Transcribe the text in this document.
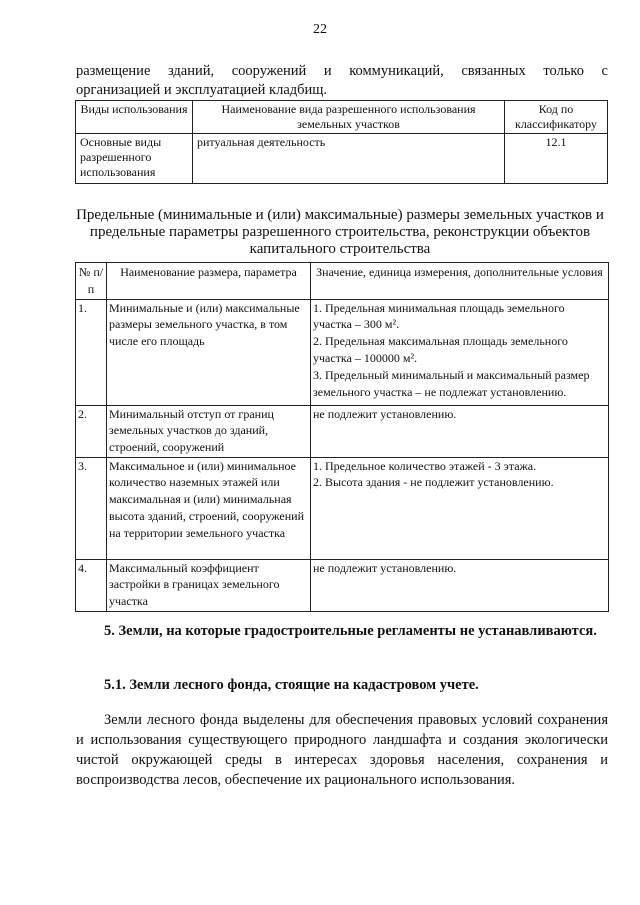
22

размещение зданий, сооружений и коммуникаций, связанных только с
организацией и эксплуатацией кладбищ.

Виды использования	Наименование вида разрешенного использования земельных участков	Код по классификатору
Основные виды разрешенного использования	ритуальная деятельность	12.1

Предельные (минимальные и (или) максимальные) размеры земельных участков и предельные параметры разрешенного строительства, реконструкции объектов капитального строительства

№ п/п	Наименование размера, параметра	Значение, единица измерения, дополнительные условия
1.	Минимальные и (или) максимальные размеры земельного участка, в том числе его площадь	1. Предельная минимальная площадь земельного участка – 300 м².
2. Предельная максимальная площадь земельного участка – 100000 м².
3. Предельный минимальный и максимальный размер земельного участка – не подлежат установлению.

2.	Минимальный отступ от границ земельных участков до зданий, строений, сооружений	не подлежит установлению.

3.	Максимальное и (или) минимальное количество наземных этажей или максимальная и (или) минимальная высота зданий, строений, сооружений на территории земельного участка	1. Предельное количество этажей - 3 этажа.
2. Высота здания - не подлежит установлению.

4.	Максимальный коэффициент застройки в границах земельного участка	не подлежит установлению.

5. Земли, на которые градостроительные регламенты не устанавливаются.

5.1. Земли лесного фонда, стоящие на кадастровом учете.

Земли лесного фонда выделены для обеспечения правовых условий сохранения и использования существующего природного ландшафта и создания экологически чистой окружающей среды в интересах здоровья населения, сохранения и воспроизводства лесов, обеспечение их рационального использования.
